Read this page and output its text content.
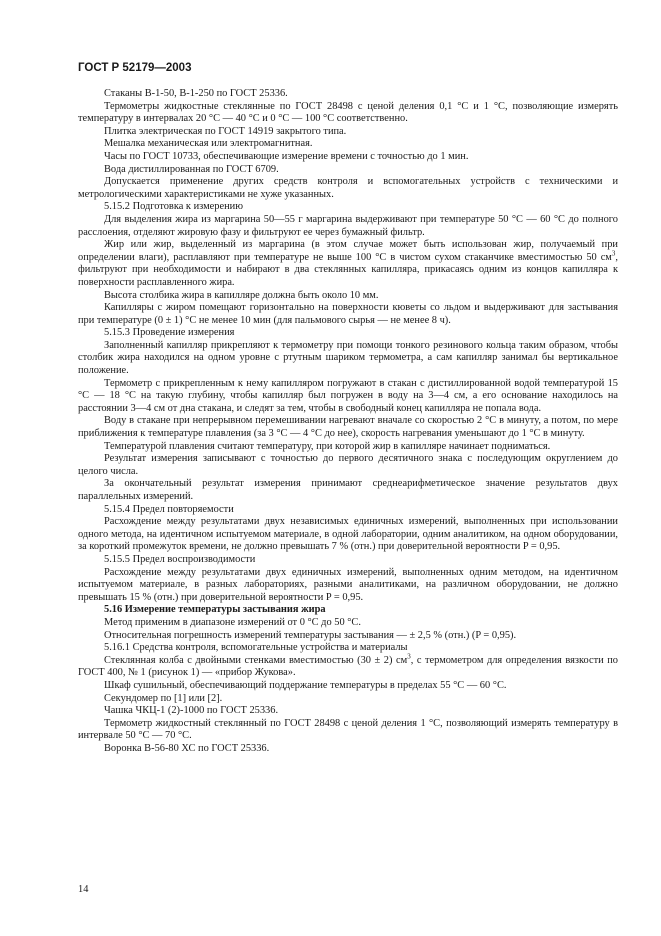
ГОСТ Р 52179—2003

Стаканы В-1-50, В-1-250 по ГОСТ 25336.

Термометры жидкостные стеклянные по ГОСТ 28498 с ценой деления 0,1 °С и 1 °С, позволяющие измерять температуру в интервалах 20 °С — 40 °С и 0 °С — 100 °С соответственно.

Плитка электрическая по ГОСТ 14919 закрытого типа.

Мешалка механическая или электромагнитная.

Часы по ГОСТ 10733, обеспечивающие измерение времени с точностью до 1 мин.

Вода дистиллированная по ГОСТ 6709.

Допускается применение других средств контроля и вспомогательных устройств с техническими и метрологическими характеристиками не хуже указанных.

5.15.2 Подготовка к измерению

Для выделения жира из маргарина 50—55 г маргарина выдерживают при температуре 50 °С — 60 °С до полного расслоения, отделяют жировую фазу и фильтруют ее через бумажный фильтр.

Жир или жир, выделенный из маргарина (в этом случае может быть использован жир, получаемый при определении влаги), расплавляют при температуре не выше 100 °С в чистом сухом стаканчике вместимостью 50 $см^3$, фильтруют при необходимости и набирают в два стеклянных капилляра, прикасаясь одним из концов капилляра к поверхности расплавленного жира.

Высота столбика жира в капилляре должна быть около 10 мм.

Капилляры с жиром помещают горизонтально на поверхности кюветы со льдом и выдерживают для застывания при температуре (0 ± 1) °С не менее 10 мин (для пальмового сырья — не менее 8 ч).

5.15.3 Проведение измерения

Заполненный капилляр прикрепляют к термометру при помощи тонкого резинового кольца таким образом, чтобы столбик жира находился на одном уровне с ртутным шариком термометра, а сам капилляр занимал бы вертикальное положение.

Термометр с прикрепленным к нему капилляром погружают в стакан с дистиллированной водой температурой 15 °С — 18 °С на такую глубину, чтобы капилляр был погружен в воду на 3—4 см, а его основание находилось на расстоянии 3—4 см от дна стакана, и следят за тем, чтобы в свободный конец капилляра не попала вода.

Воду в стакане при непрерывном перемешивании нагревают вначале со скоростью 2 °С в минуту, а потом, по мере приближения к температуре плавления (за 3 °С — 4 °С до нее), скорость нагревания уменьшают до 1 °С в минуту.

Температурой плавления считают температуру, при которой жир в капилляре начинает подниматься.

Результат измерения записывают с точностью до первого десятичного знака с последующим округлением до целого числа.

За окончательный результат измерения принимают среднеарифметическое значение результатов двух параллельных измерений.

5.15.4 Предел повторяемости

Расхождение между результатами двух независимых единичных измерений, выполненных при использовании одного метода, на идентичном испытуемом материале, в одной лаборатории, одним аналитиком, на одном оборудовании, за короткий промежуток времени, не должно превышать 7 % (отн.) при доверительной вероятности P = 0,95.

5.15.5 Предел воспроизводимости

Расхождение между результатами двух единичных измерений, выполненных одним методом, на идентичном испытуемом материале, в разных лабораториях, разными аналитиками, на различном оборудовании, не должно превышать 15 % (отн.) при доверительной вероятности P = 0,95.

5.16 Измерение температуры застывания жира

Метод применим в диапазоне измерений от 0 °С до 50 °С.

Относительная погрешность измерений температуры застывания — ± 2,5 % (отн.) (P = 0,95).

5.16.1 Средства контроля, вспомогательные устройства и материалы

Стеклянная колба с двойными стенками вместимостью (30 ± 2) $см^3$, с термометром для определения вязкости по ГОСТ 400, № 1 (рисунок 1) — «прибор Жукова».

Шкаф сушильный, обеспечивающий поддержание температуры в пределах 55 °С — 60 °С.

Секундомер по [1] или [2].

Чашка ЧКЦ-1 (2)-1000 по ГОСТ 25336.

Термометр жидкостный стеклянный по ГОСТ 28498 с ценой деления 1 °С, позволяющий измерять температуру в интервале 50 °С — 70 °С.

Воронка В-56-80 ХС по ГОСТ 25336.

14
